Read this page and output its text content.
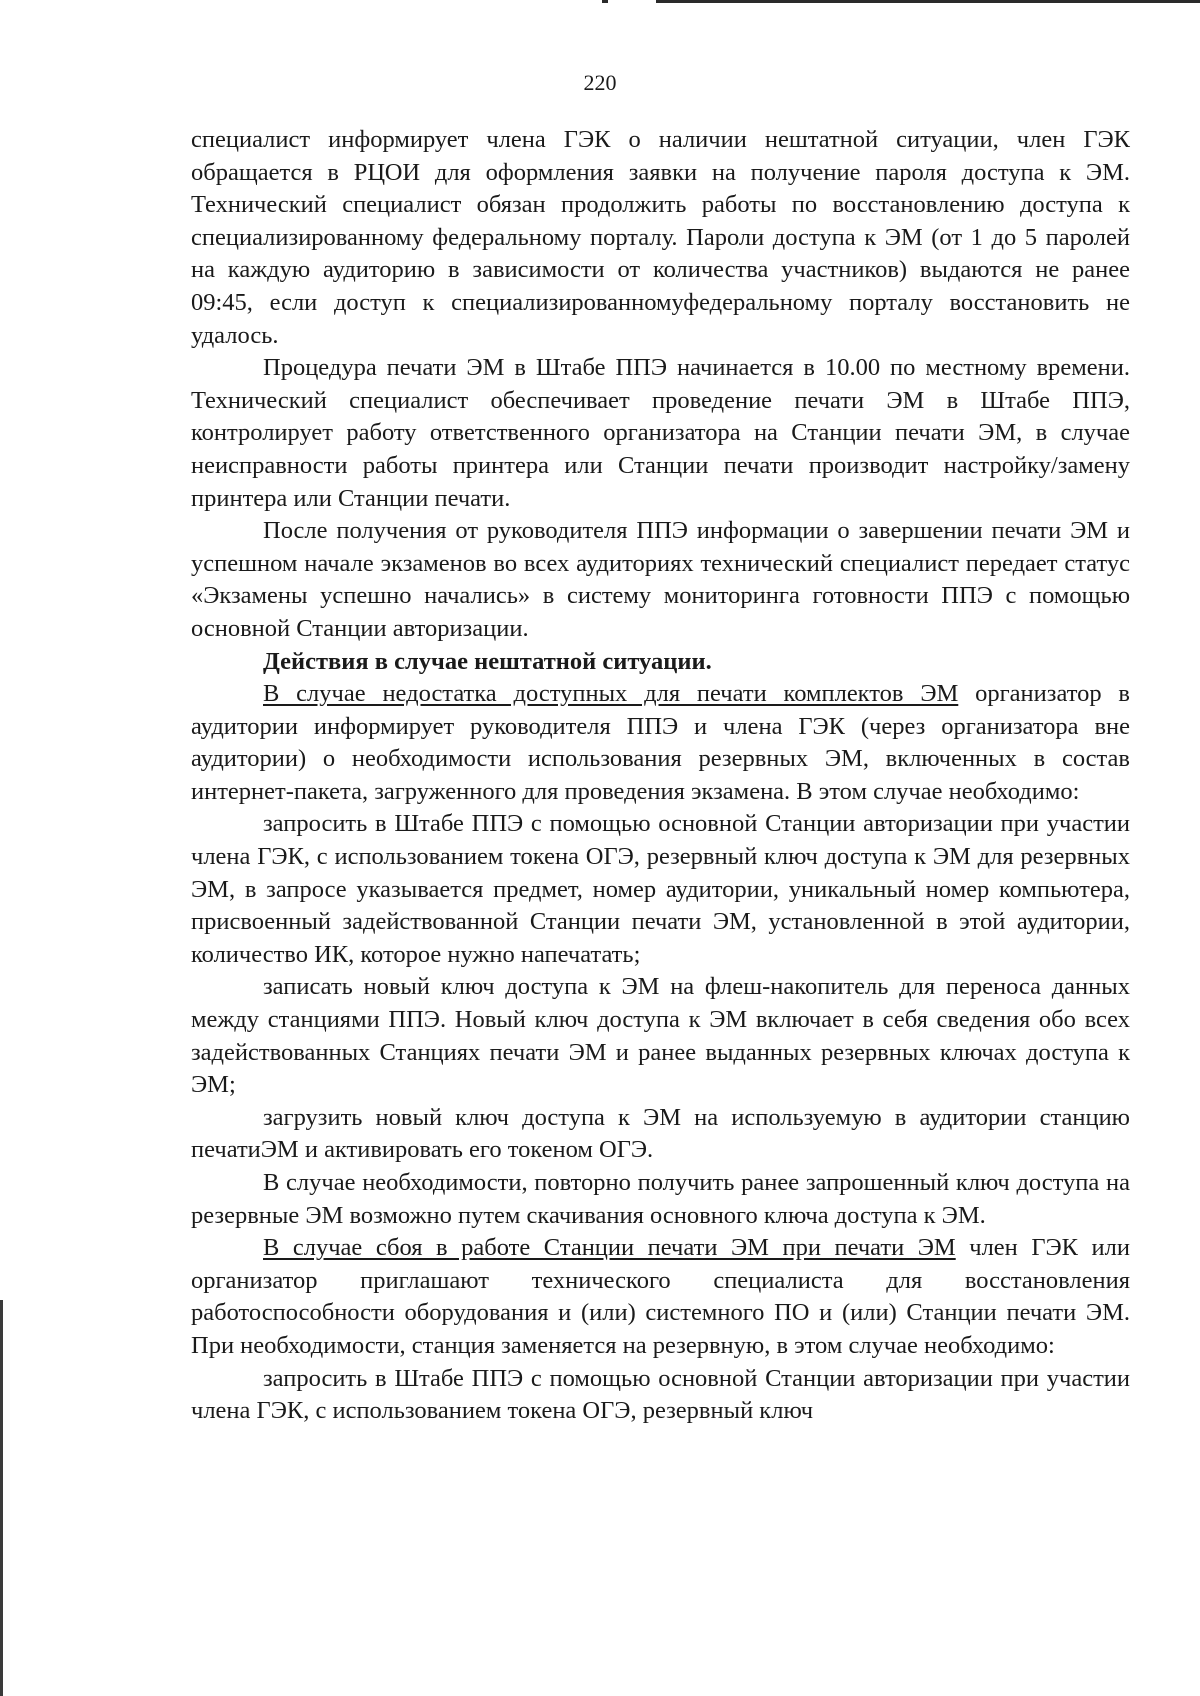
220

специалист информирует члена ГЭК о наличии нештатной ситуации, член ГЭК обращается в РЦОИ для оформления заявки на получение пароля доступа к ЭМ. Технический специалист обязан продолжить работы по восстановлению доступа к специализированному федеральному порталу. Пароли доступа к ЭМ (от 1 до 5 паролей на каждую аудиторию в зависимости от количества участников) выдаются не ранее 09:45, если доступ к специализированномуфедеральному порталу восстановить не удалось.

Процедура печати ЭМ в Штабе ППЭ начинается в 10.00 по местному времени. Технический специалист обеспечивает проведение печати ЭМ в Штабе ППЭ, контролирует работу ответственного организатора на Станции печати ЭМ, в случае неисправности работы принтера или Станции печати производит настройку/замену принтера или Станции печати.

После получения от руководителя ППЭ информации о завершении печати ЭМ и успешном начале экзаменов во всех аудиториях технический специалист передает статус «Экзамены успешно начались» в систему мониторинга готовности ППЭ с помощью основной Станции авторизации.

Действия в случае нештатной ситуации.

В случае недостатка доступных для печати комплектов ЭМ организатор в аудитории информирует руководителя ППЭ и члена ГЭК (через организатора вне аудитории) о необходимости использования резервных ЭМ, включенных в состав интернет-пакета, загруженного для проведения экзамена. В этом случае необходимо:

запросить в Штабе ППЭ с помощью основной Станции авторизации при участии члена ГЭК, с использованием токена ОГЭ, резервный ключ доступа к ЭМ для резервных ЭМ, в запросе указывается предмет, номер аудитории, уникальный номер компьютера, присвоенный задействованной Станции печати ЭМ, установленной в этой аудитории, количество ИК, которое нужно напечатать;

записать новый ключ доступа к ЭМ на флеш-накопитель для переноса данных между станциями ППЭ. Новый ключ доступа к ЭМ включает в себя сведения обо всех задействованных Станциях печати ЭМ и ранее выданных резервных ключах доступа к ЭМ;

загрузить новый ключ доступа к ЭМ на используемую в аудитории станцию печатиЭМ и активировать его токеном ОГЭ.

В случае необходимости, повторно получить ранее запрошенный ключ доступа на резервные ЭМ возможно путем скачивания основного ключа доступа к ЭМ.

В случае сбоя в работе Станции печати ЭМ при печати ЭМ член ГЭК или организатор приглашают технического специалиста для восстановления работоспособности оборудования и (или) системного ПО и (или) Станции печати ЭМ. При необходимости, станция заменяется на резервную, в этом случае необходимо:

запросить в Штабе ППЭ с помощью основной Станции авторизации при участии члена ГЭК, с использованием токена ОГЭ, резервный ключ
